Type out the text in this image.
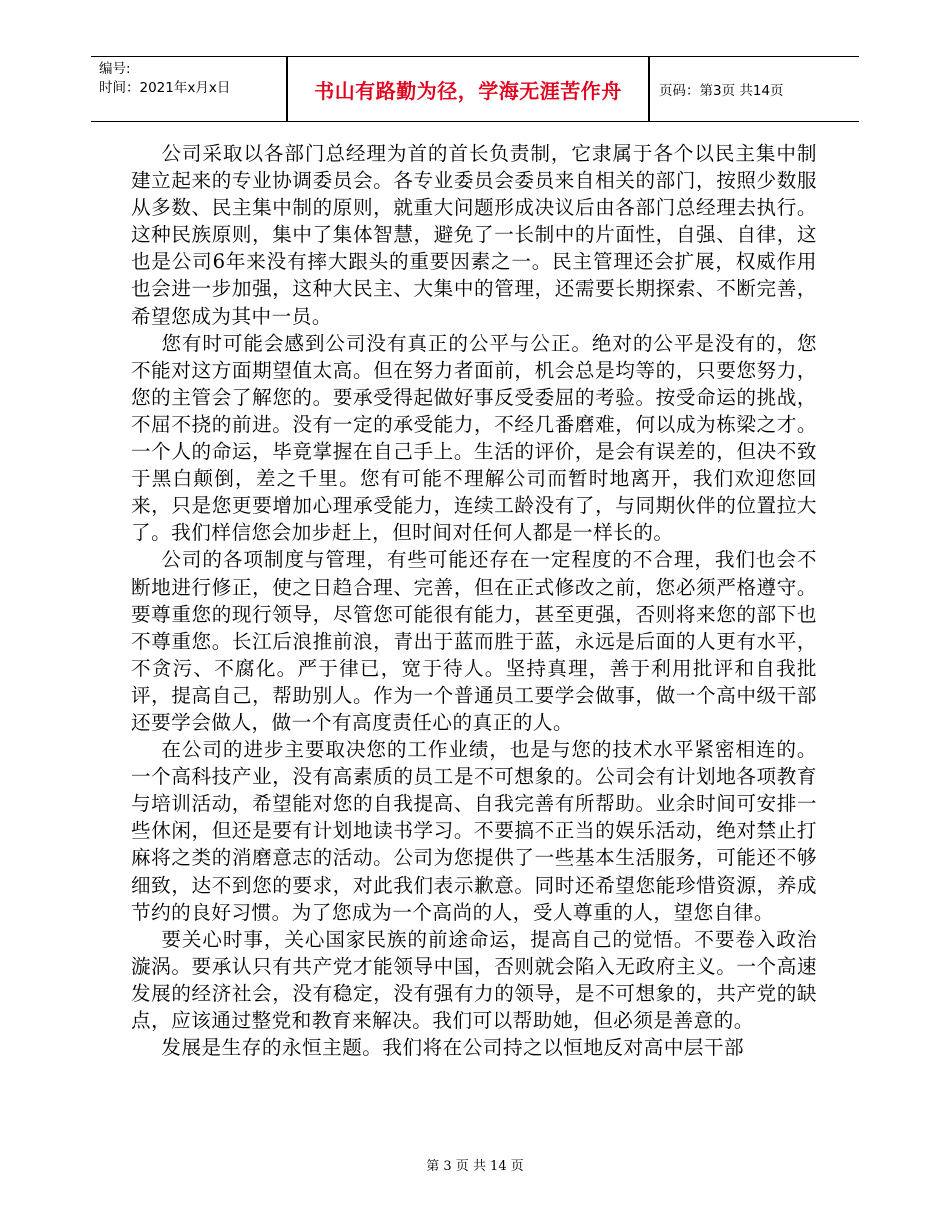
编号:
时间：2021年x月x日	书山有路勤为径，学海无涯苦作舟	页码：第3页 共14页

公司采取以各部门总经理为首的首长负责制，它隶属于各个以民主集中制建立起来的专业协调委员会。各专业委员会委员来自相关的部门，按照少数服从多数、民主集中制的原则，就重大问题形成决议后由各部门总经理去执行。这种民族原则，集中了集体智慧，避免了一长制中的片面性，自强、自律，这也是公司6年来没有摔大跟头的重要因素之一。民主管理还会扩展，权威作用也会进一步加强，这种大民主、大集中的管理，还需要长期探索、不断完善，希望您成为其中一员。

您有时可能会感到公司没有真正的公平与公正。绝对的公平是没有的，您不能对这方面期望值太高。但在努力者面前，机会总是均等的，只要您努力，您的主管会了解您的。要承受得起做好事反受委屈的考验。按受命运的挑战，不屈不挠的前进。没有一定的承受能力，不经几番磨难，何以成为栋梁之才。一个人的命运，毕竟掌握在自己手上。生活的评价，是会有误差的，但决不致于黑白颠倒，差之千里。您有可能不理解公司而暂时地离开，我们欢迎您回来，只是您更要增加心理承受能力，连续工龄没有了，与同期伙伴的位置拉大了。我们样信您会加步赶上，但时间对任何人都是一样长的。

公司的各项制度与管理，有些可能还存在一定程度的不合理，我们也会不断地进行修正，使之日趋合理、完善，但在正式修改之前，您必须严格遵守。要尊重您的现行领导，尽管您可能很有能力，甚至更强，否则将来您的部下也不尊重您。长江后浪推前浪，青出于蓝而胜于蓝，永远是后面的人更有水平，不贪污、不腐化。严于律已，宽于待人。坚持真理，善于利用批评和自我批评，提高自己，帮助别人。作为一个普通员工要学会做事，做一个高中级干部还要学会做人，做一个有高度责任心的真正的人。

在公司的进步主要取决您的工作业绩，也是与您的技术水平紧密相连的。一个高科技产业，没有高素质的员工是不可想象的。公司会有计划地各项教育与培训活动，希望能对您的自我提高、自我完善有所帮助。业余时间可安排一些休闲，但还是要有计划地读书学习。不要搞不正当的娱乐活动，绝对禁止打麻将之类的消磨意志的活动。公司为您提供了一些基本生活服务，可能还不够细致，达不到您的要求，对此我们表示歉意。同时还希望您能珍惜资源，养成节约的良好习惯。为了您成为一个高尚的人，受人尊重的人，望您自律。

要关心时事，关心国家民族的前途命运，提高自己的觉悟。不要卷入政治漩涡。要承认只有共产党才能领导中国，否则就会陷入无政府主义。一个高速发展的经济社会，没有稳定，没有强有力的领导，是不可想象的，共产党的缺点，应该通过整党和教育来解决。我们可以帮助她，但必须是善意的。

发展是生存的永恒主题。我们将在公司持之以恒地反对高中层干部

第 3 页 共 14 页
